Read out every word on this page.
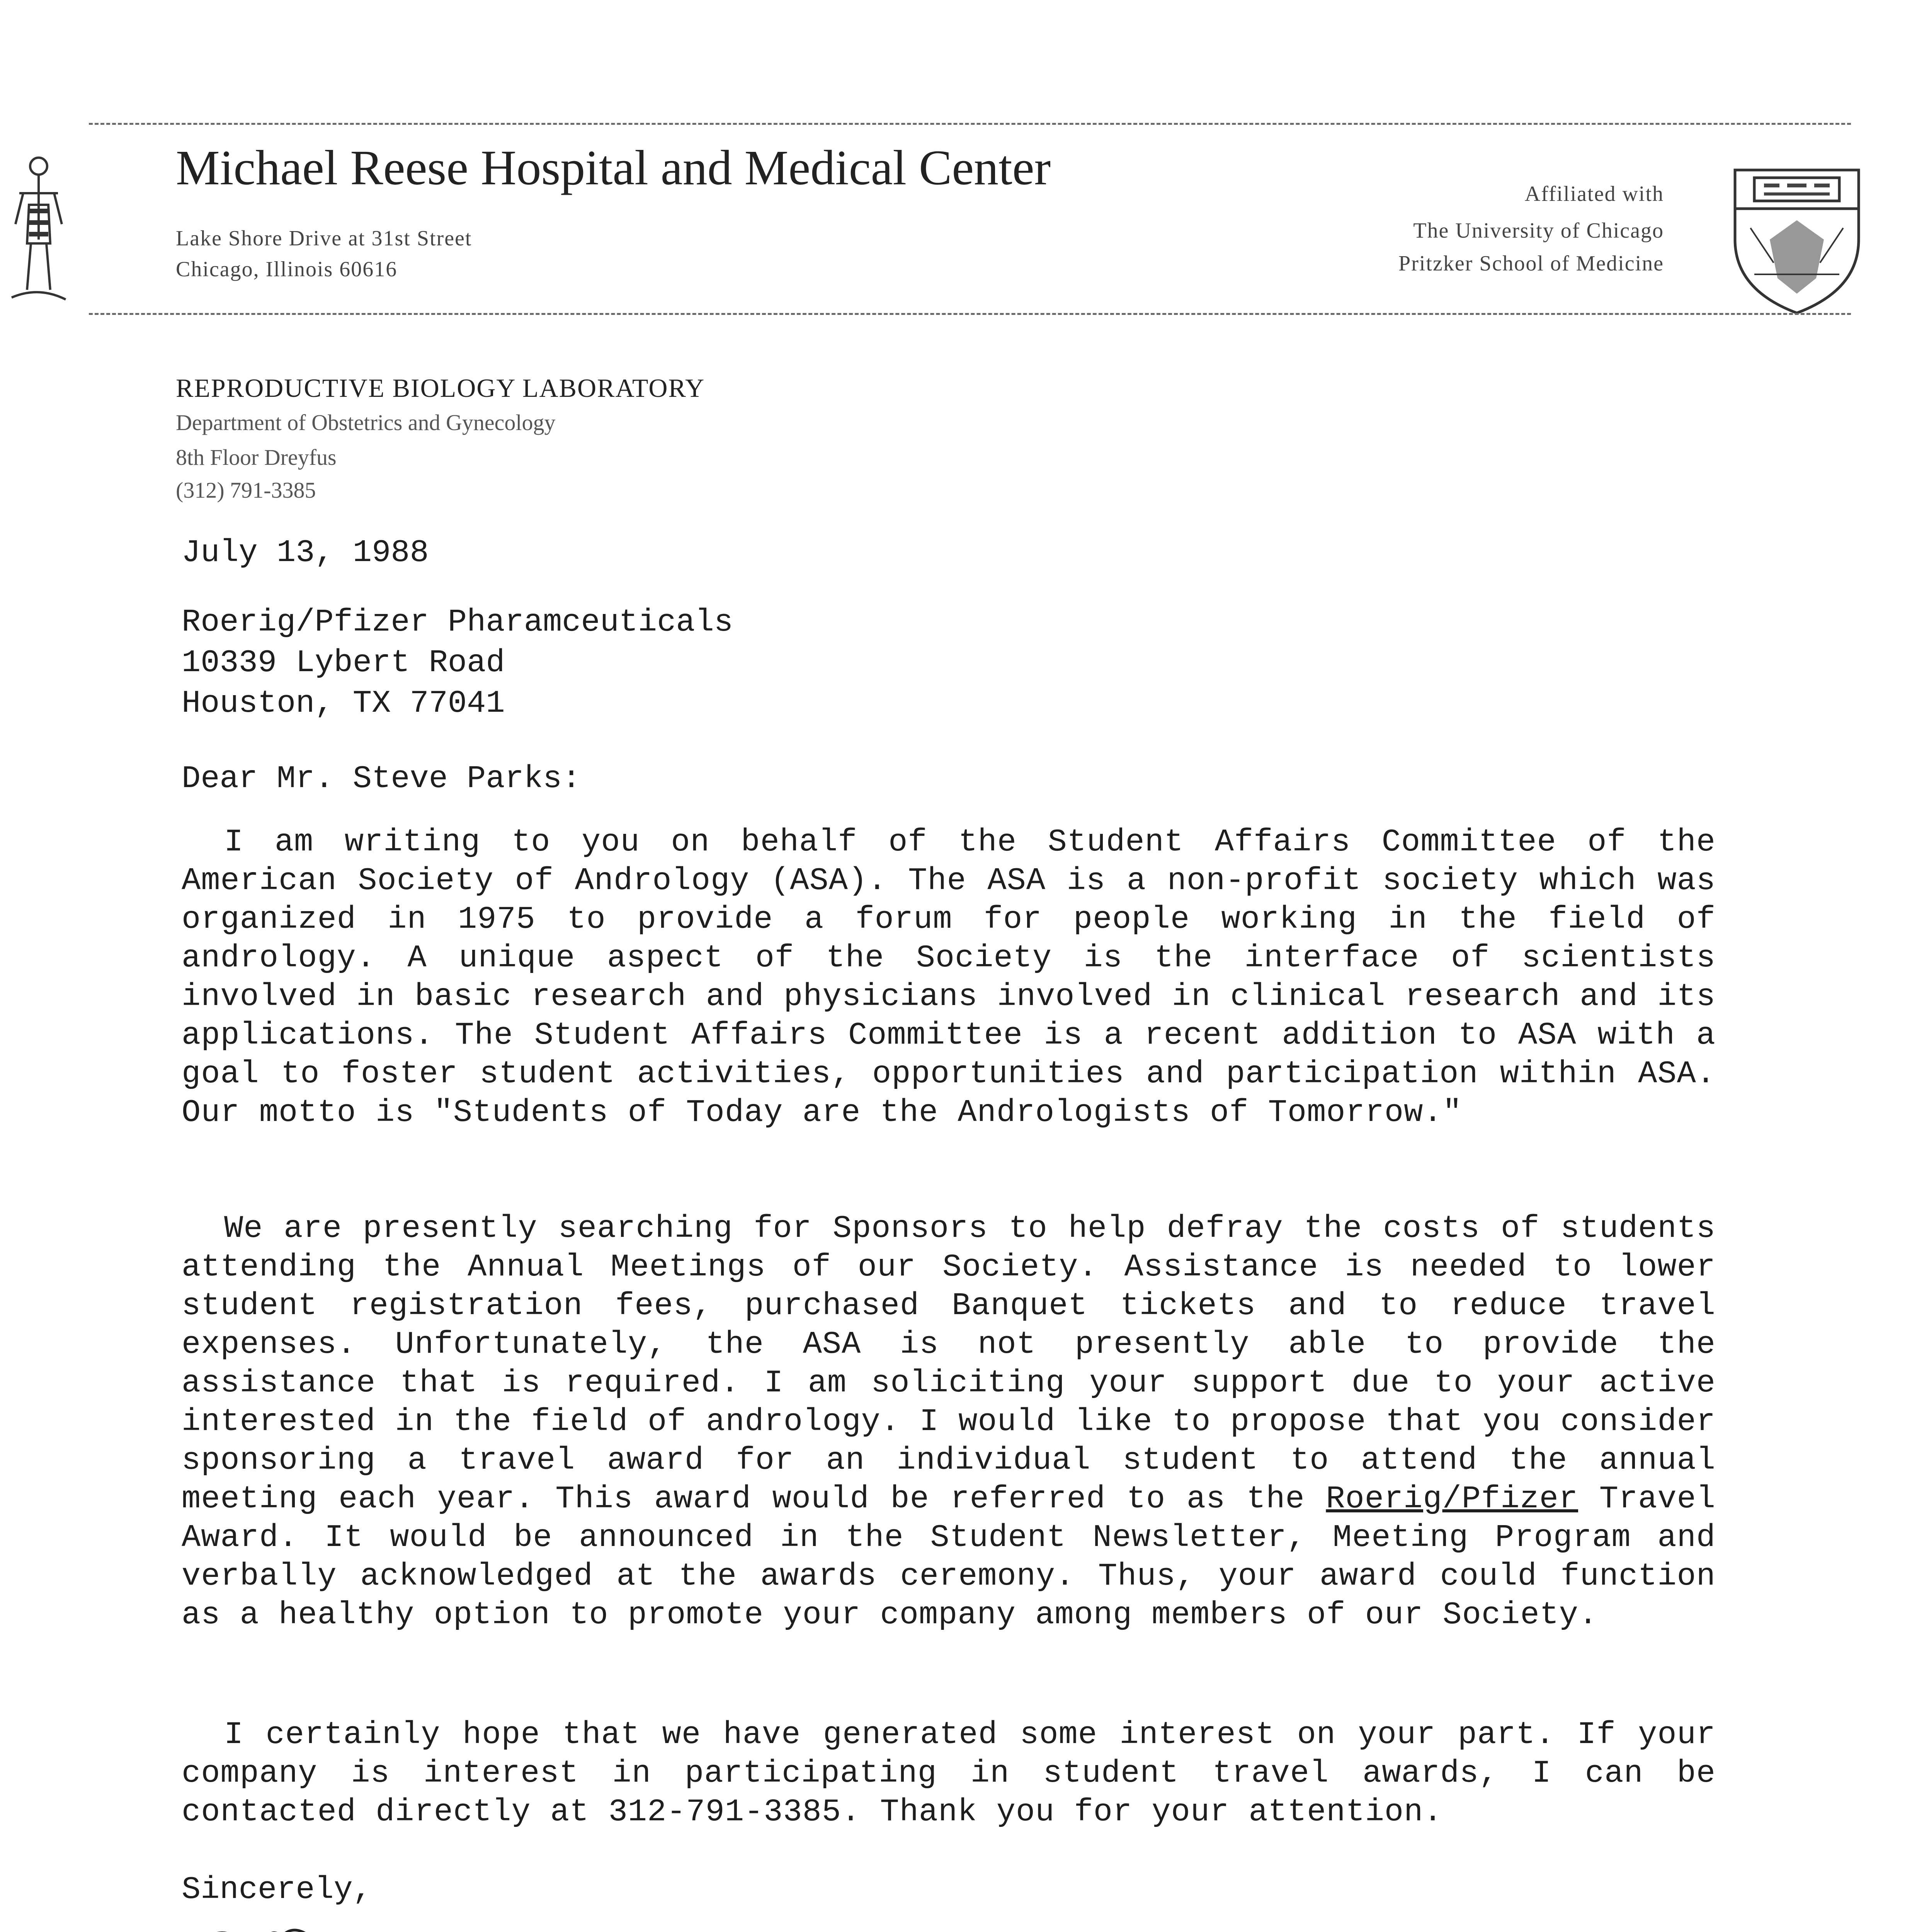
Michael Reese Hospital and Medical Center
Lake Shore Drive at 31st Street
Chicago, Illinois 60616
Affiliated with
The University of Chicago
Pritzker School of Medicine
REPRODUCTIVE BIOLOGY LABORATORY
Department of Obstetrics and Gynecology
8th Floor Dreyfus
(312) 791-3385
July 13, 1988
Roerig/Pfizer Pharamceuticals
10339 Lybert Road
Houston, TX 77041
Dear Mr. Steve Parks:

I am writing to you on behalf of the Student Affairs Committee of the American Society of Andrology (ASA). The ASA is a non-profit society which was organized in 1975 to provide a forum for people working in the field of andrology. A unique aspect of the Society is the interface of scientists involved in basic research and physicians involved in clinical research and its applications. The Student Affairs Committee is a recent addition to ASA with a goal to foster student activities, opportunities and participation within ASA. Our motto is "Students of Today are the Andrologists of Tomorrow."

We are presently searching for Sponsors to help defray the costs of students attending the Annual Meetings of our Society. Assistance is needed to lower student registration fees, purchased Banquet tickets and to reduce travel expenses. Unfortunately, the ASA is not presently able to provide the assistance that is required. I am soliciting your support due to your active interested in the field of andrology. I would like to propose that you consider sponsoring a travel award for an individual student to attend the annual meeting each year. This award would be referred to as the Roerig/Pfizer Travel Award. It would be announced in the Student Newsletter, Meeting Program and verbally acknowledged at the awards ceremony. Thus, your award could function as a healthy option to promote your company among members of our Society.

I certainly hope that we have generated some interest on your part. If your company is interest in participating in student travel awards, I can be contacted directly at 312-791-3385. Thank you for your attention.

Sincerely,
